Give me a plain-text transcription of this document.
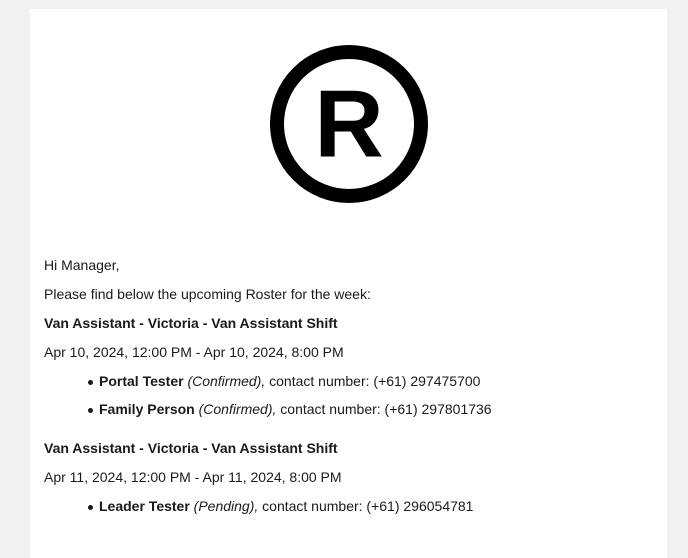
R

Hi Manager,

Please find below the upcoming Roster for the week:

Van Assistant - Victoria - Van Assistant Shift

Apr 10, 2024, 12:00 PM - Apr 10, 2024, 8:00 PM

Portal Tester (Confirmed), contact number: (+61) 297475700
Family Person (Confirmed), contact number: (+61) 297801736

Van Assistant - Victoria - Van Assistant Shift

Apr 11, 2024, 12:00 PM - Apr 11, 2024, 8:00 PM

Leader Tester (Pending), contact number: (+61) 296054781
